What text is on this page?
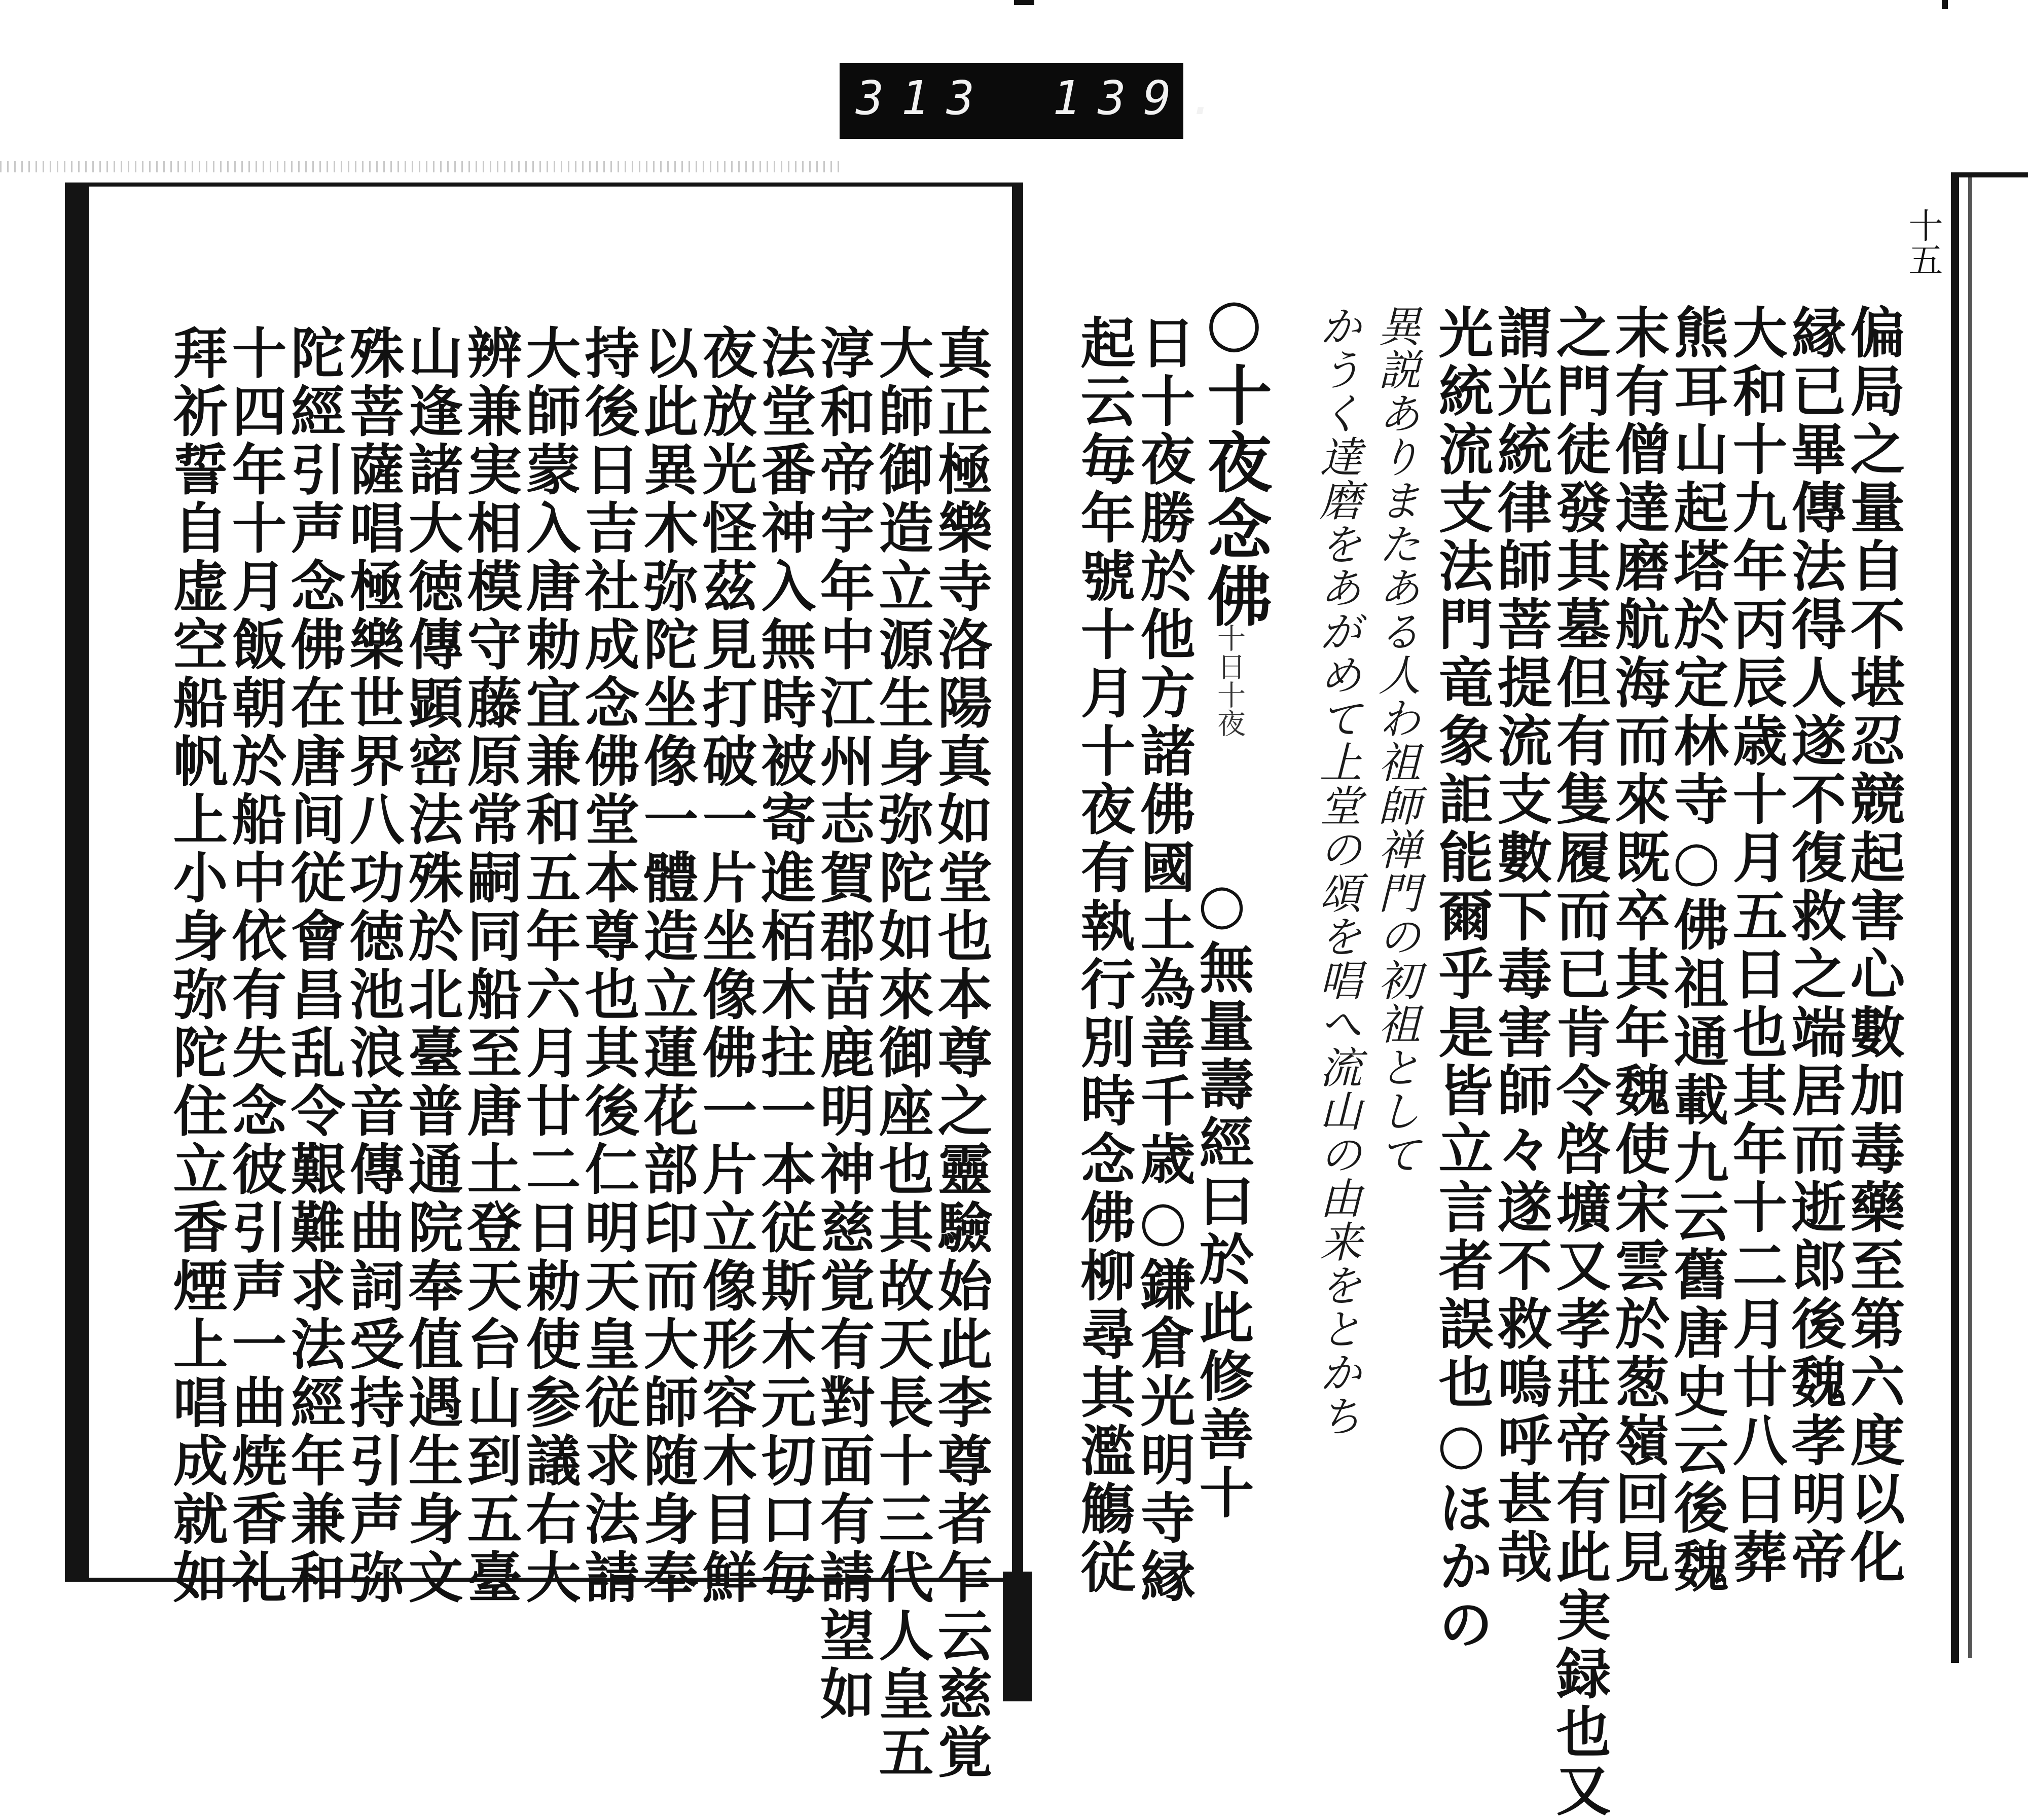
313 139.
十五
偏局之量自不堪忍競起害心數加毒藥至第六度以化
縁已畢傳法得人遂不復救之端居而逝郎後魏孝明帝
大和十九年丙辰歳十月五日也其年十二月廿八日葬
熊耳山起塔於定林寺○佛祖通載九云舊唐史云後魏
末有僧達磨航海而來既卒其年魏使宋雲於葱嶺回見
之門徒發其墓但有隻履而已肯令啓壙又孝莊帝有此実録也又
謂光統律師菩提流支數下毒害師々遂不救嗚呼甚哉
光統流支法門竜象詎能爾乎是皆立言者誤也○ほかの
異説ありまたある人わ祖師禅門の初祖として
かうく達磨をあがめて上堂の頌を唱へ流山の由来をとかち
○十夜念佛
十日十夜
○無量壽經曰於此修善十
日十夜勝於他方諸佛國土為善千歳○鎌倉光明寺縁
起云毎年號十月十夜有執行別時念佛柳尋其濫觴従
真正極樂寺洛陽真如堂也本尊之靈驗始此李尊者乍云慈覚
大師御造立源生身弥陀如來御座也其故天長十三代人皇五
淳和帝宇年中江州志賀郡苗鹿明神慈覚有對面有請望如
法堂番神入無時被寄進栢木拄一本従斯木元切口毎
夜放光怪茲見打破一片坐像佛一片立像形容木目鮮
以此異木弥陀坐像一體造立蓮花部印而大師随身奉
持後日吉社成念佛堂本尊也其後仁明天皇従求法請
大師蒙入唐勅宜兼和五年六月廿二日勅使参議右大
辨兼実相模守藤原常嗣同船至唐土登天台山到五臺
山逢諸大徳傳顕密法殊於北臺普通院奉值遇生身文
殊菩薩唱極樂世界八功徳池浪音傳曲詞受持引声弥
陀經引声念佛在唐间従會昌乱令艱難求法經年兼和
十四年十月飯朝於船中依有失念彼引声一曲焼香礼
拜祈誓自虚空船帆上小身弥陀住立香煙上唱成就如
